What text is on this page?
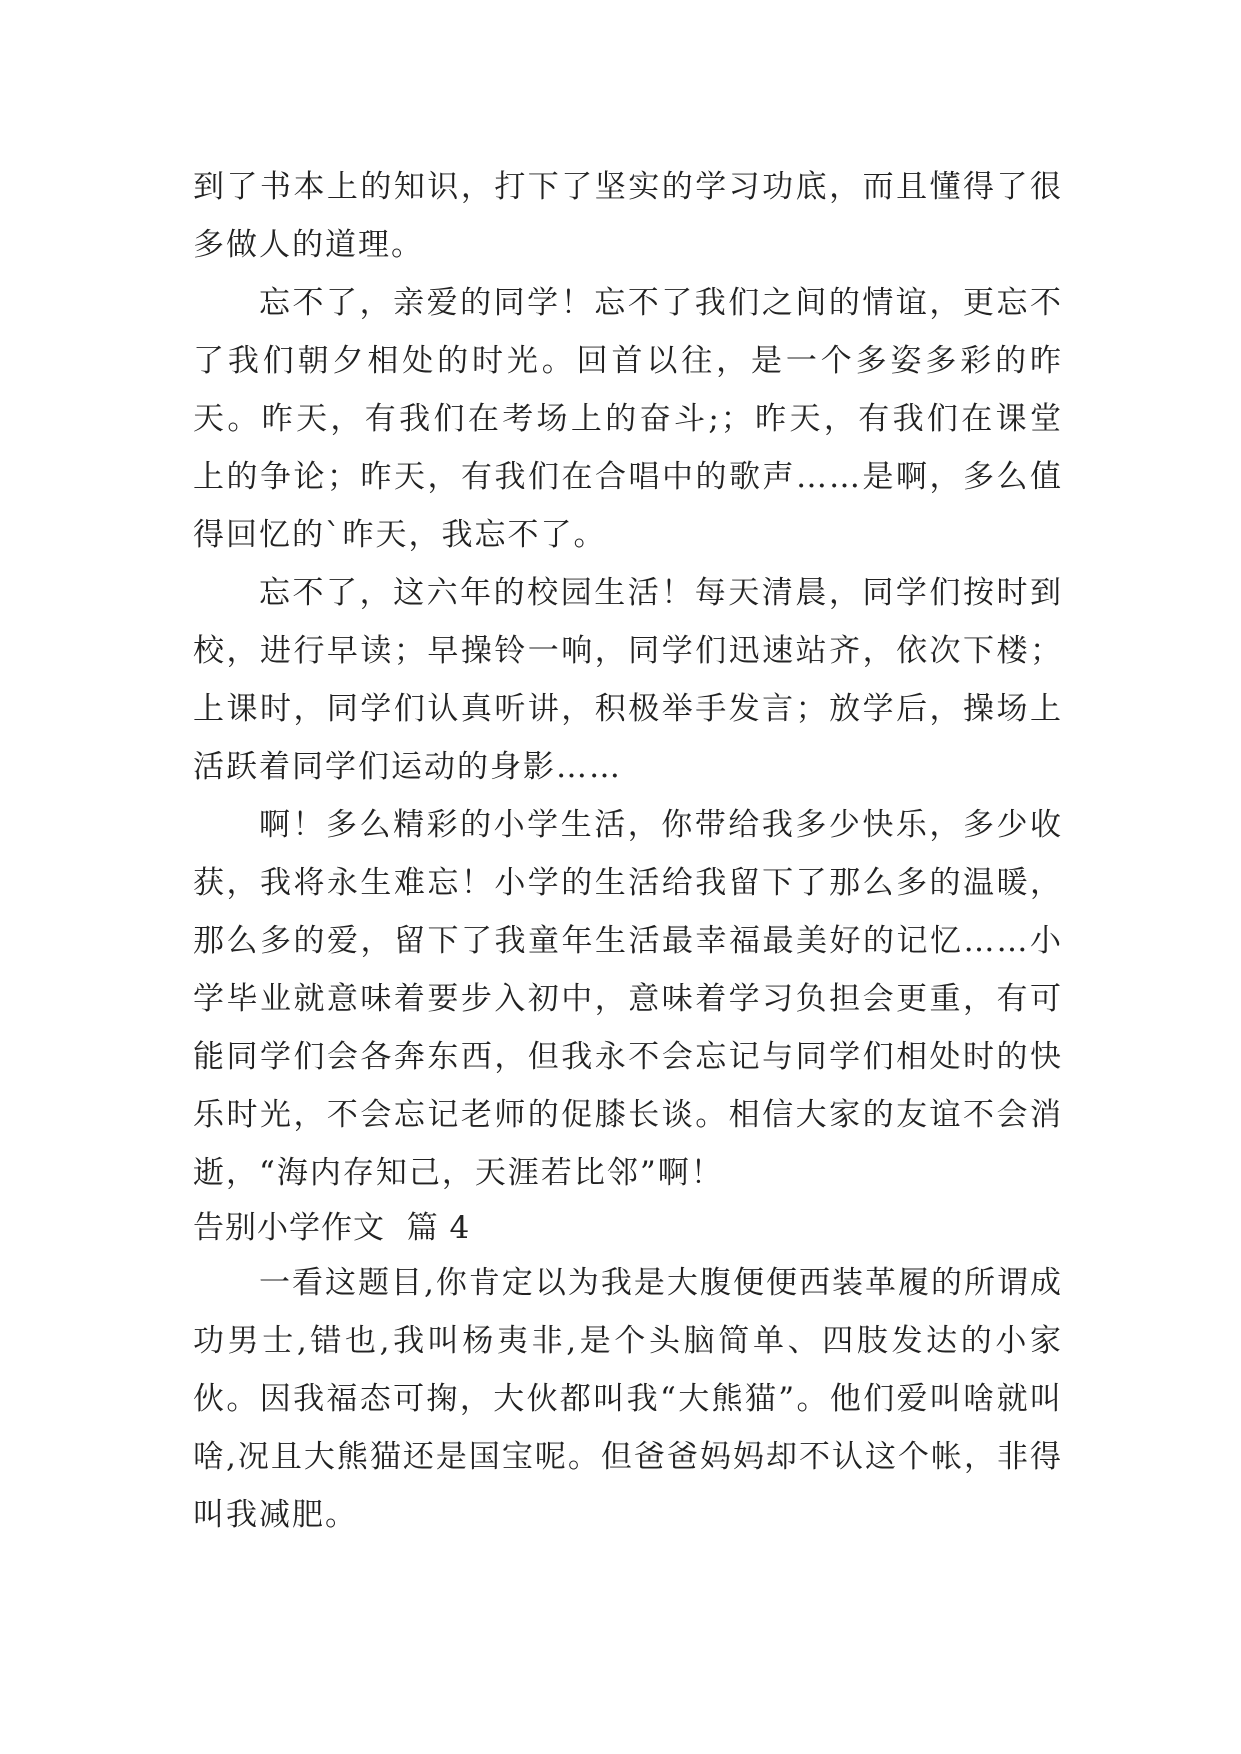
到了书本上的知识，打下了坚实的学习功底，而且懂得了很多做人的道理。

忘不了，亲爱的同学！忘不了我们之间的情谊，更忘不了我们朝夕相处的时光。回首以往，是一个多姿多彩的昨天。昨天，有我们在考场上的奋斗;；昨天，有我们在课堂上的争论；昨天，有我们在合唱中的歌声……是啊，多么值得回忆的`昨天，我忘不了。

忘不了，这六年的校园生活！每天清晨，同学们按时到校，进行早读；早操铃一响，同学们迅速站齐，依次下楼；上课时，同学们认真听讲，积极举手发言；放学后，操场上活跃着同学们运动的身影……

啊！多么精彩的小学生活，你带给我多少快乐，多少收获，我将永生难忘！小学的生活给我留下了那么多的温暖，那么多的爱，留下了我童年生活最幸福最美好的记忆……小学毕业就意味着要步入初中，意味着学习负担会更重，有可能同学们会各奔东西，但我永不会忘记与同学们相处时的快乐时光，不会忘记老师的促膝长谈。相信大家的友谊不会消逝，“海内存知己，天涯若比邻”啊！

告别小学作文  篇 4

一看这题目,你肯定以为我是大腹便便西装革履的所谓成功男士,错也,我叫杨夷非,是个头脑简单、四肢发达的小家伙。因我福态可掬，大伙都叫我“大熊猫”。他们爱叫啥就叫啥,况且大熊猫还是国宝呢。但爸爸妈妈却不认这个帐，非得叫我减肥。
